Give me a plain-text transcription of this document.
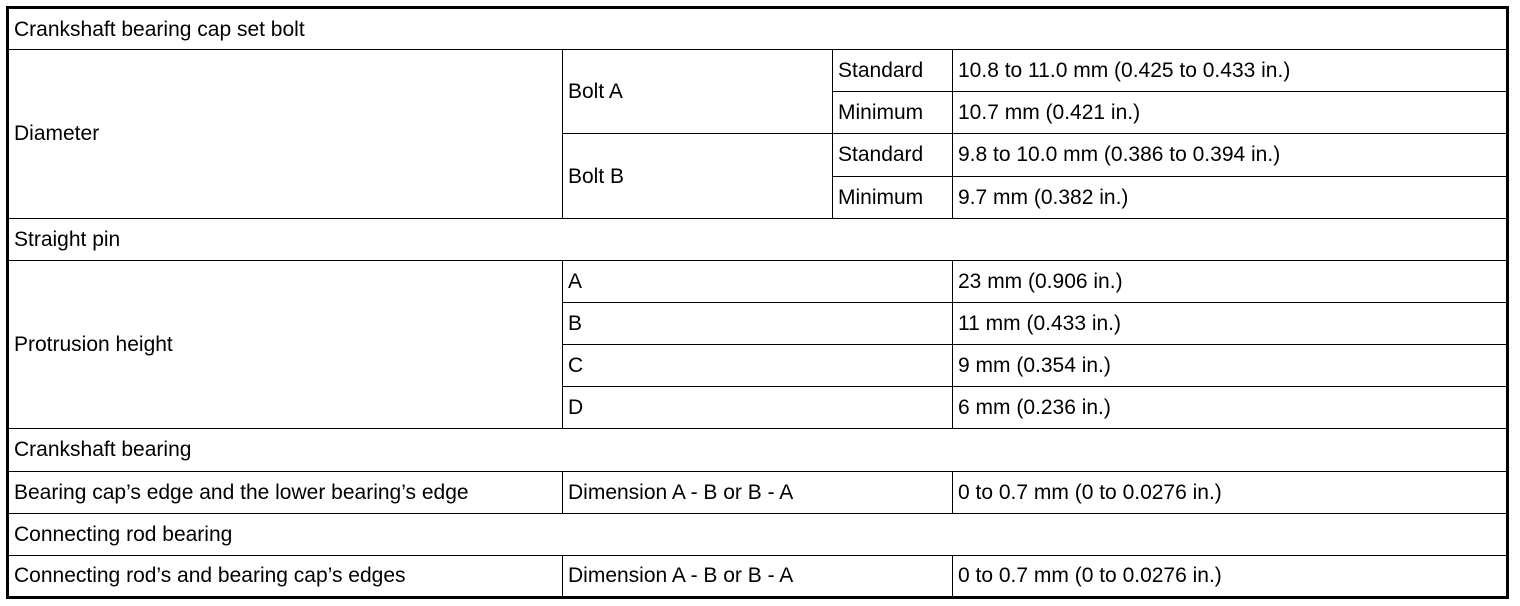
Crankshaft bearing cap set bolt			
Diameter	Bolt A	Standard	10.8 to 11.0 mm (0.425 to 0.433 in.)
		Minimum	10.7 mm (0.421 in.)
	Bolt B	Standard	9.8 to 10.0 mm (0.386 to 0.394 in.)
		Minimum	9.7 mm (0.382 in.)
Straight pin			
Protrusion height	A		23 mm (0.906 in.)
	B		11 mm (0.433 in.)
	C		9 mm (0.354 in.)
	D		6 mm (0.236 in.)
Crankshaft bearing			
Bearing cap’s edge and the lower bearing’s edge	Dimension A - B or B - A		0 to 0.7 mm (0 to 0.0276 in.)
Connecting rod bearing			
Connecting rod’s and bearing cap’s edges	Dimension A - B or B - A		0 to 0.7 mm (0 to 0.0276 in.)
